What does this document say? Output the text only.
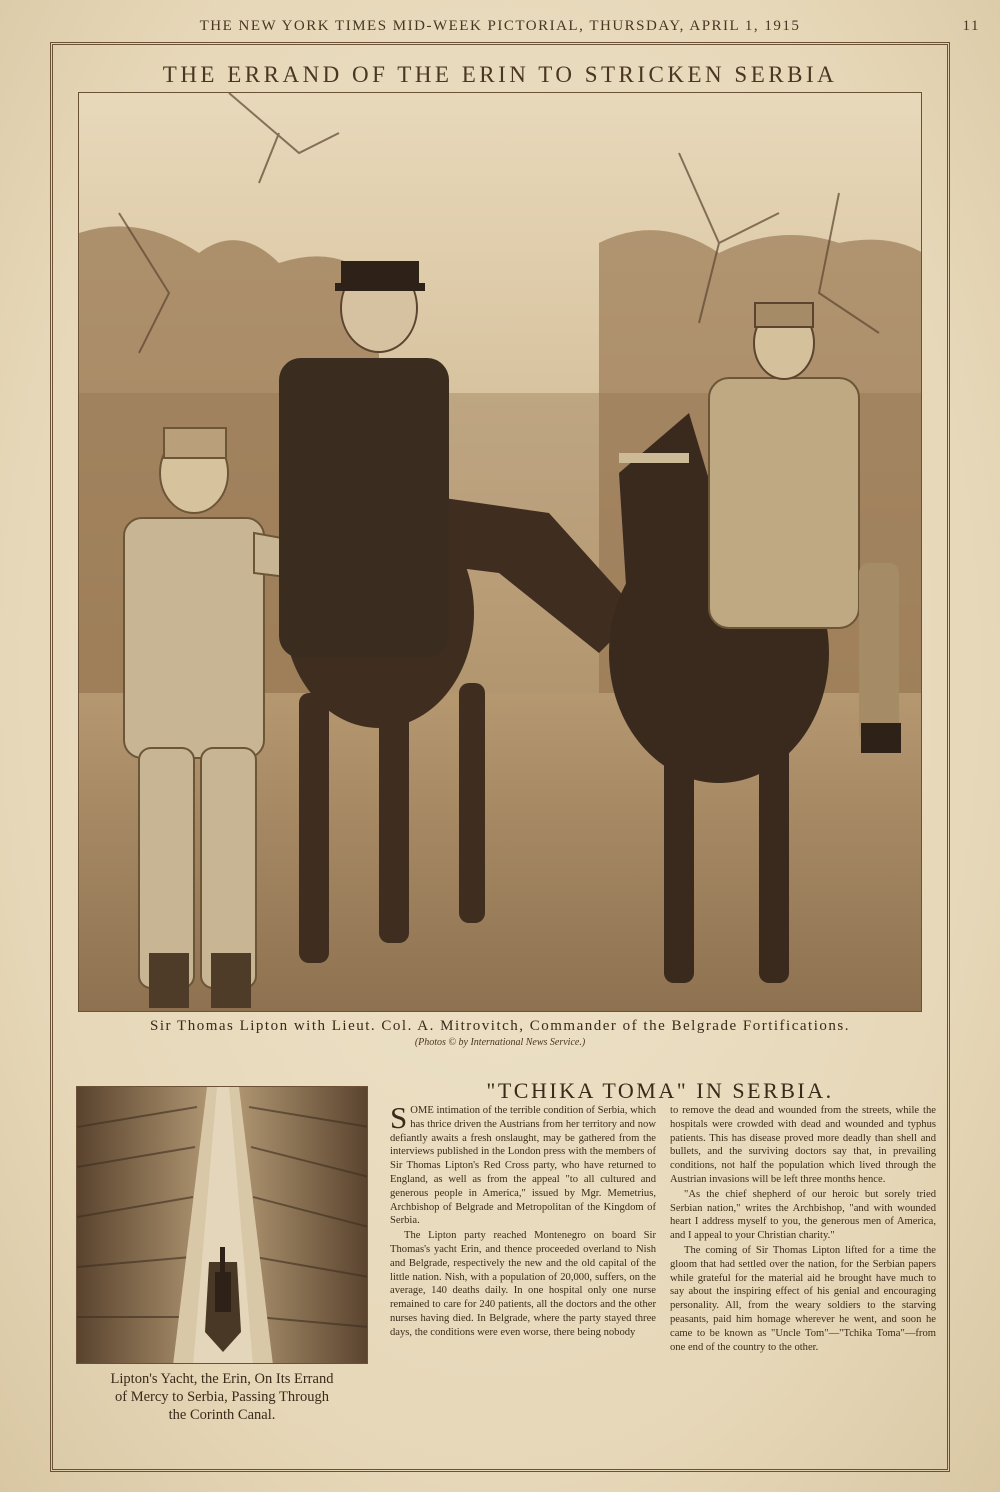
THE NEW YORK TIMES MID-WEEK PICTORIAL, THURSDAY, APRIL 1, 1915	11
THE ERRAND OF THE ERIN TO STRICKEN SERBIA
Sir Thomas Lipton with Lieut. Col. A. Mitrovitch, Commander of the Belgrade Fortifications.
(Photos © by International News Service.)
Lipton's Yacht, the Erin, On Its Errand
of Mercy to Serbia, Passing Through
the Corinth Canal.
"TCHIKA TOMA" IN SERBIA.

SOME intimation of the terrible condition of Serbia, which has thrice driven the Austrians from her territory and now defiantly awaits a fresh onslaught, may be gathered from the interviews published in the London press with the members of Sir Thomas Lipton's Red Cross party, who have returned to England, as well as from the appeal "to all cultured and generous people in America," issued by Mgr. Memetrius, Archbishop of Belgrade and Metropolitan of the Kingdom of Serbia.

The Lipton party reached Montenegro on board Sir Thomas's yacht Erin, and thence proceeded overland to Nish and Belgrade, respectively the new and the old capital of the little nation. Nish, with a population of 20,000, suffers, on the average, 140 deaths daily. In one hospital only one nurse remained to care for 240 patients, all the doctors and the other nurses having died. In Belgrade, where the party stayed three days, the conditions were even worse, there being nobody

to remove the dead and wounded from the streets, while the hospitals were crowded with dead and wounded and typhus patients. This has disease proved more deadly than shell and bullets, and the surviving doctors say that, in prevailing conditions, not half the population which lived through the Austrian invasions will be left three months hence.

"As the chief shepherd of our heroic but sorely tried Serbian nation," writes the Archbishop, "and with wounded heart I address myself to you, the generous men of America, and I appeal to your Christian charity."

The coming of Sir Thomas Lipton lifted for a time the gloom that had settled over the nation, for the Serbian papers while grateful for the material aid he brought have much to say about the inspiring effect of his genial and encouraging personality. All, from the weary soldiers to the starving peasants, paid him homage wherever he went, and soon he came to be known as "Uncle Tom"—"Tchika Toma"—from one end of the country to the other.
